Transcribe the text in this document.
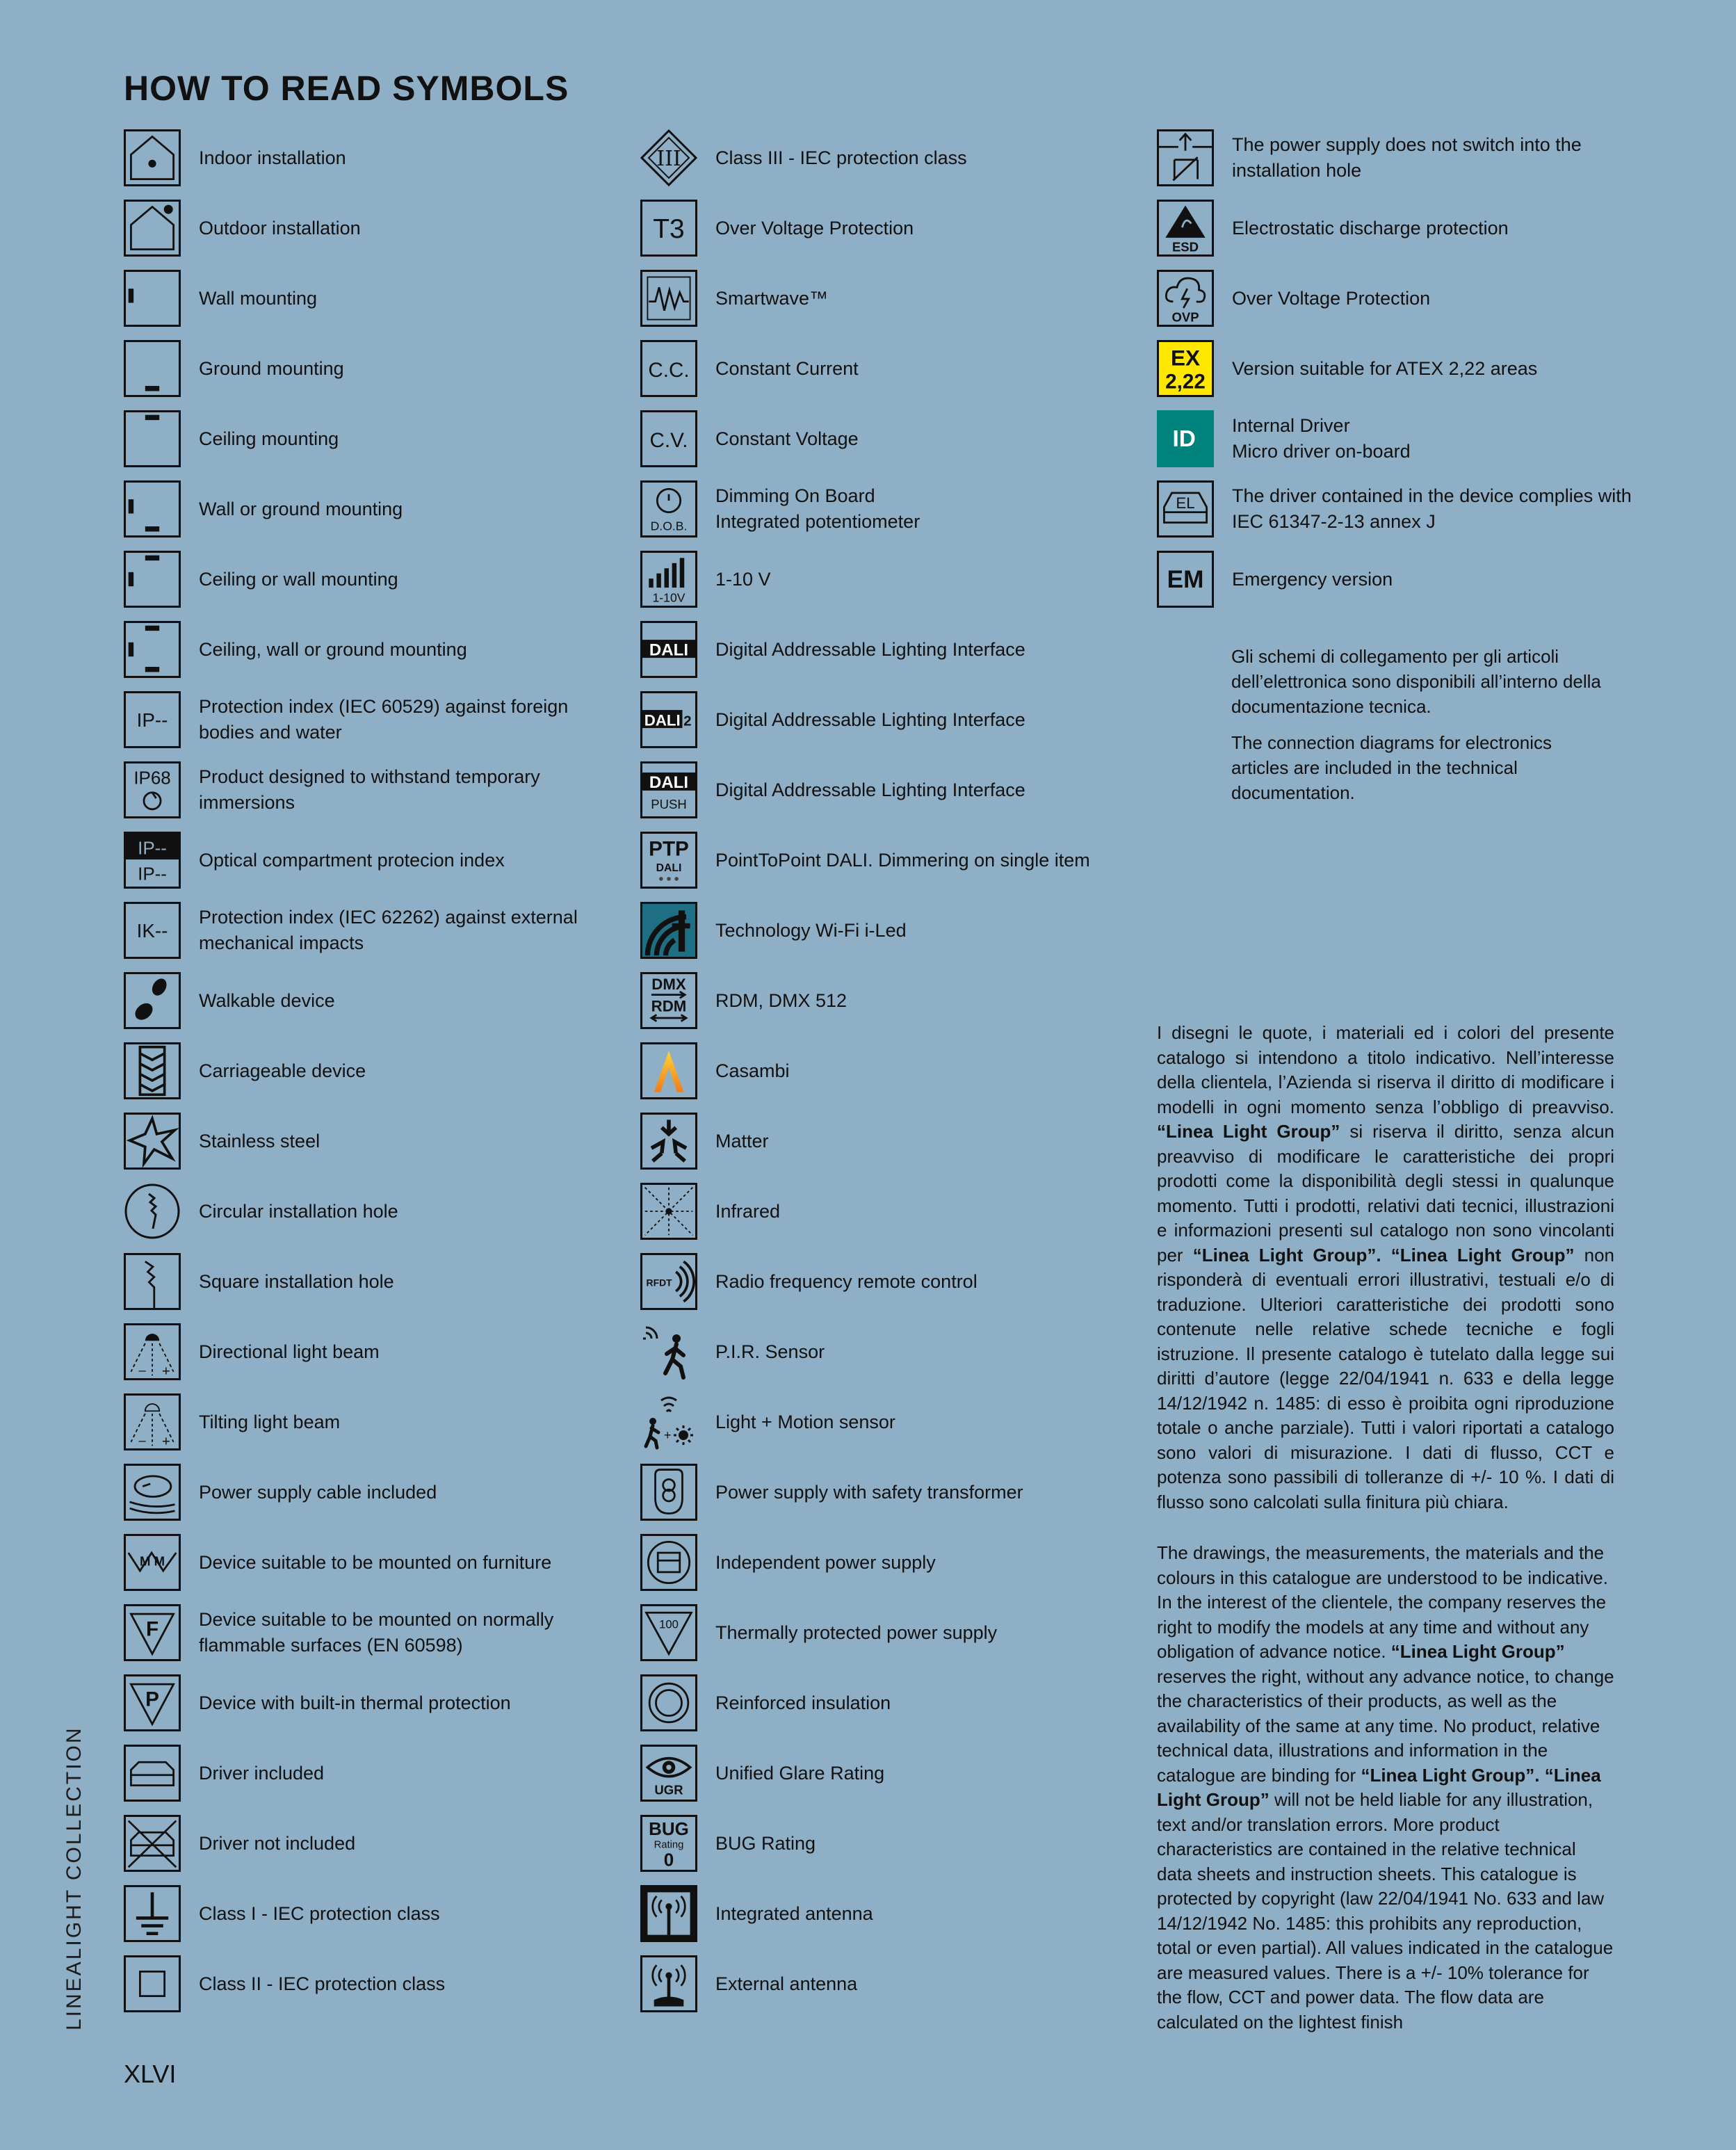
HOW TO READ SYMBOLS
Indoor installation
Outdoor installation
Wall mounting
Ground mounting
Ceiling mounting
Wall or ground mounting
Ceiling or wall mounting
Ceiling, wall or ground mounting
IP--
Protection index (IEC 60529) against foreign
bodies and water
IP68 Product designed to withstand temporary
immersions
IP--
IP--
Optical compartment protecion index
IK--
Protection index (IEC 62262) against external
mechanical impacts
Walkable device
Carriageable device
Stainless steel
Circular installation hole
Square installation hole
– +
Directional light beam
– +
Tilting light beam
Power supply cable included
M M Device suitable to be mounted on furniture
F Device suitable to be mounted on normally
flammable surfaces (EN 60598)
P Device with built-in thermal protection
Driver included
Driver not included
Class I - IEC protection class
Class II - IEC protection class
III Class III - IEC protection class
T3 Over Voltage Protection
Smartwave™
C.C. Constant Current
C.V. Constant Voltage
D.O.B.
Dimming On Board
Integrated potentiometer
1-10V
1-10 V
DALI Digital Addressable Lighting Interface
DALI 2 Digital Addressable Lighting Interface
DALI
PUSH
Digital Addressable Lighting Interface
PTP
DALI PointToPoint DALI. Dimmering on single item
Technology Wi-Fi i-Led
DMX
RDM RDM, DMX 512
Casambi
Matter
Infrared
RFDT Radio frequency remote control
P.I.R. Sensor
+
Light + Motion sensor
Power supply with safety transformer
Independent power supply
100 Thermally protected power supply
Reinforced insulation
UGR
Unified Glare Rating
BUG
Rating
0
BUG Rating
Integrated antenna
External antenna
The power supply does not switch into the
installation hole
ESD
Electrostatic discharge protection
OVP
Over Voltage Protection
EX
2,22
Version suitable for ATEX 2,22 areas
ID
Internal Driver
Micro driver on-board
EL The driver contained in the device complies with
IEC 61347-2-13 annex J
EM Emergency version
Gli schemi di collegamento per gli articoli dell’elettronica sono disponibili all’interno della documentazione tecnica.
The connection diagrams for electronics articles are included in the technical documentation.
I disegni le quote, i materiali ed i colori del presente catalogo si intendono a titolo indicativo. Nell’interesse della clientela, l’Azienda si riserva il diritto di modificare i modelli in ogni momento senza l’obbligo di preavviso. “Linea Light Group” si riserva il diritto, senza alcun preavviso di modificare le caratteristiche dei propri prodotti come la disponibilità degli stessi in qualunque momento. Tutti i prodotti, relativi dati tecnici, illustrazioni e informazioni presenti sul catalogo non sono vincolanti per “Linea Light Group”. “Linea Light Group” non risponderà di eventuali errori illustrativi, testuali e/o di traduzione. Ulteriori caratteristiche dei prodotti sono contenute nelle relative schede tecniche e fogli istruzione. Il presente catalogo è tutelato dalla legge sui diritti d’autore (legge 22/04/1941 n. 633 e della legge 14/12/1942 n. 1485: di esso è proibita ogni riproduzione totale o anche parziale). Tutti i valori riportati a catalogo sono valori di misurazione. I dati di flusso, CCT e potenza sono passibili di tolleranze di +/- 10 %. I dati di flusso sono calcolati sulla finitura più chiara.
The drawings, the measurements, the materials and the colours in this catalogue are understood to be indicative. In the interest of the clientele, the company reserves the right to modify the models at any time and without any obligation of advance notice. “Linea Light Group” reserves the right, without any advance notice, to change the characteristics of their products, as well as the availability of the same at any time. No product, relative technical data, illustrations and information in the catalogue are binding for “Linea Light Group”. “Linea Light Group” will not be held liable for any illustration, text and/or translation errors. More product characteristics are contained in the relative technical data sheets and instruction sheets. This catalogue is protected by copyright (law 22/04/1941 No. 633 and law 14/12/1942 No. 1485: this prohibits any reproduction, total or even partial). All values indicated in the catalogue are measured values. There is a +/- 10% tolerance for the flow, CCT and power data. The flow data are calculated on the lightest finish
LINEALIGHT COLLECTION
XLVI
